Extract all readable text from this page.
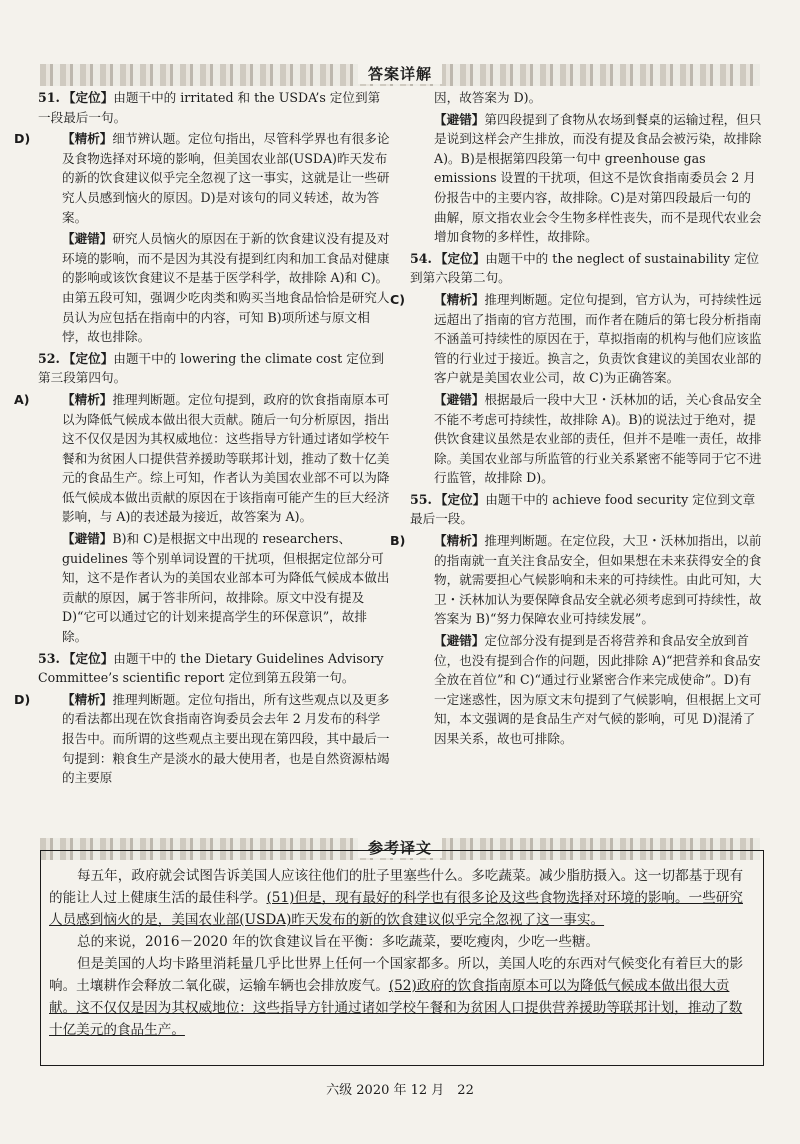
答案详解
51. 【定位】由题干中的 irritated 和 the USDA’s 定位到第一段最后一句。
D)	【精析】细节辨认题。定位句指出，尽管科学界也有很多论及食物选择对环境的影响，但美国农业部(USDA)昨天发布的新的饮食建议似乎完全忽视了这一事实，这就是让一些研究人员感到恼火的原因。D)是对该句的同义转述，故为答案。
【避错】研究人员恼火的原因在于新的饮食建议没有提及对环境的影响，而不是因为其没有提到红肉和加工食品对健康的影响或该饮食建议不是基于医学科学，故排除 A)和 C)。由第五段可知，强调少吃肉类和购买当地食品恰恰是研究人员认为应包括在指南中的内容，可知 B)项所述与原文相悖，故也排除。
52. 【定位】由题干中的 lowering the climate cost 定位到第三段第四句。
A)	【精析】推理判断题。定位句提到，政府的饮食指南原本可以为降低气候成本做出很大贡献。随后一句分析原因，指出这不仅仅是因为其权威地位：这些指导方针通过诸如学校午餐和为贫困人口提供营养援助等联邦计划，推动了数十亿美元的食品生产。综上可知，作者认为美国农业部不可以为降低气候成本做出贡献的原因在于该指南可能产生的巨大经济影响，与 A)的表述最为接近，故答案为 A)。
【避错】B)和 C)是根据文中出现的 researchers、guidelines 等个别单词设置的干扰项，但根据定位部分可知，这不是作者认为的美国农业部本可为降低气候成本做出贡献的原因，属于答非所问，故排除。原文中没有提及 D)“它可以通过它的计划来提高学生的环保意识”，故排除。
53. 【定位】由题干中的 the Dietary Guidelines Advisory Committee’s scientific report 定位到第五段第一句。
D)	【精析】推理判断题。定位句指出，所有这些观点以及更多的看法都出现在饮食指南咨询委员会去年 2 月发布的科学报告中。而所谓的这些观点主要出现在第四段，其中最后一句提到：粮食生产是淡水的最大使用者，也是自然资源枯竭的主要原
因，故答案为 D)。
【避错】第四段提到了食物从农场到餐桌的运输过程，但只是说到这样会产生排放，而没有提及食品会被污染，故排除 A)。B)是根据第四段第一句中 greenhouse gas emissions 设置的干扰项，但这不是饮食指南委员会 2 月份报告中的主要内容，故排除。C)是对第四段最后一句的曲解，原文指农业会令生物多样性丧失，而不是现代农业会增加食物的多样性，故排除。
54. 【定位】由题干中的 the neglect of sustainability 定位到第六段第二句。
C) 【精析】推理判断题。定位句提到，官方认为，可持续性远远超出了指南的官方范围，而作者在随后的第七段分析指南不涵盖可持续性的原因在于，草拟指南的机构与他们应该监管的行业过于接近。换言之，负责饮食建议的美国农业部的客户就是美国农业公司，故 C)为正确答案。
【避错】根据最后一段中大卫・沃林加的话，关心食品安全不能不考虑可持续性，故排除 A)。B)的说法过于绝对，提供饮食建议虽然是农业部的责任，但并不是唯一责任，故排除。美国农业部与所监管的行业关系紧密不能等同于它不进行监管，故排除 D)。
55. 【定位】由题干中的 achieve food security 定位到文章最后一段。
B) 【精析】推理判断题。在定位段，大卫・沃林加指出，以前的指南就一直关注食品安全，但如果想在未来获得安全的食物，就需要担心气候影响和未来的可持续性。由此可知，大卫・沃林加认为要保障食品安全就必须考虑到可持续性，故答案为 B)“努力保障农业可持续发展”。
【避错】定位部分没有提到是否将营养和食品安全放到首位，也没有提到合作的问题，因此排除 A)“把营养和食品安全放在首位”和 C)“通过行业紧密合作来完成使命”。D)有一定迷惑性，因为原文末句提到了气候影响，但根据上文可知，本文强调的是食品生产对气候的影响，可见 D)混淆了因果关系，故也可排除。
参考译文

每五年，政府就会试图告诉美国人应该往他们的肚子里塞些什么。多吃蔬菜。减少脂肪摄入。这一切都基于现有的能让人过上健康生活的最佳科学。(51)但是，现有最好的科学也有很多论及这些食物选择对环境的影响。一些研究人员感到恼火的是，美国农业部(USDA)昨天发布的新的饮食建议似乎完全忽视了这一事实。

总的来说，2016－2020 年的饮食建议旨在平衡：多吃蔬菜，要吃瘦肉，少吃一些糖。

但是美国的人均卡路里消耗量几乎比世界上任何一个国家都多。所以，美国人吃的东西对气候变化有着巨大的影响。土壤耕作会释放二氧化碳，运输车辆也会排放废气。(52)政府的饮食指南原本可以为降低气候成本做出很大贡献。这不仅仅是因为其权威地位：这些指导方针通过诸如学校午餐和为贫困人口提供营养援助等联邦计划，推动了数十亿美元的食品生产。

六级 2020 年 12 月　22
